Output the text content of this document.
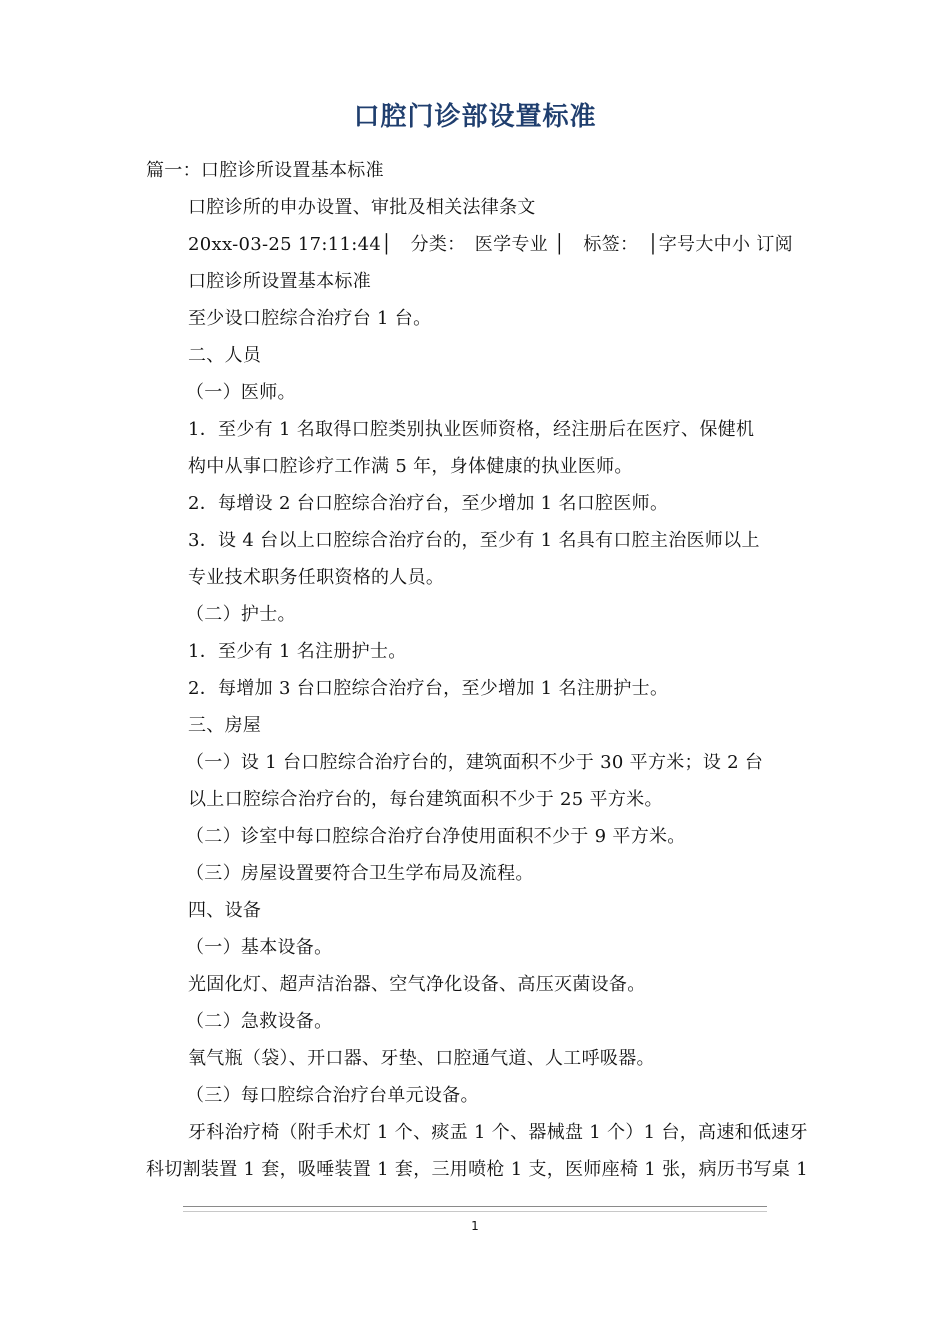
口腔门诊部设置标准
篇一：口腔诊所设置基本标准
口腔诊所的申办设置、审批及相关法律条文
20xx-03-25 17:11:44│　分类：　医学专业 │　标签：　│字号大中小 订阅
口腔诊所设置基本标准
至少设口腔综合治疗台 1 台。
二、人员
（一）医师。
1．至少有 1 名取得口腔类别执业医师资格，经注册后在医疗、保健机
构中从事口腔诊疗工作满 5 年，身体健康的执业医师。
2．每增设 2 台口腔综合治疗台，至少增加 1 名口腔医师。
3．设 4 台以上口腔综合治疗台的，至少有 1 名具有口腔主治医师以上
专业技术职务任职资格的人员。
（二）护士。
1．至少有 1 名注册护士。
2．每增加 3 台口腔综合治疗台，至少增加 1 名注册护士。
三、房屋
（一）设 1 台口腔综合治疗台的，建筑面积不少于 30 平方米；设 2 台
以上口腔综合治疗台的，每台建筑面积不少于 25 平方米。
（二）诊室中每口腔综合治疗台净使用面积不少于 9 平方米。
（三）房屋设置要符合卫生学布局及流程。
四、设备
（一）基本设备。
光固化灯、超声洁治器、空气净化设备、高压灭菌设备。
（二）急救设备。
氧气瓶（袋）、开口器、牙垫、口腔通气道、人工呼吸器。
（三）每口腔综合治疗台单元设备。
牙科治疗椅（附手术灯 1 个、痰盂 1 个、器械盘 1 个）1 台，高速和低速牙
科切割装置 1 套，吸唾装置 1 套，三用喷枪 1 支，医师座椅 1 张，病历书写桌 1
1
